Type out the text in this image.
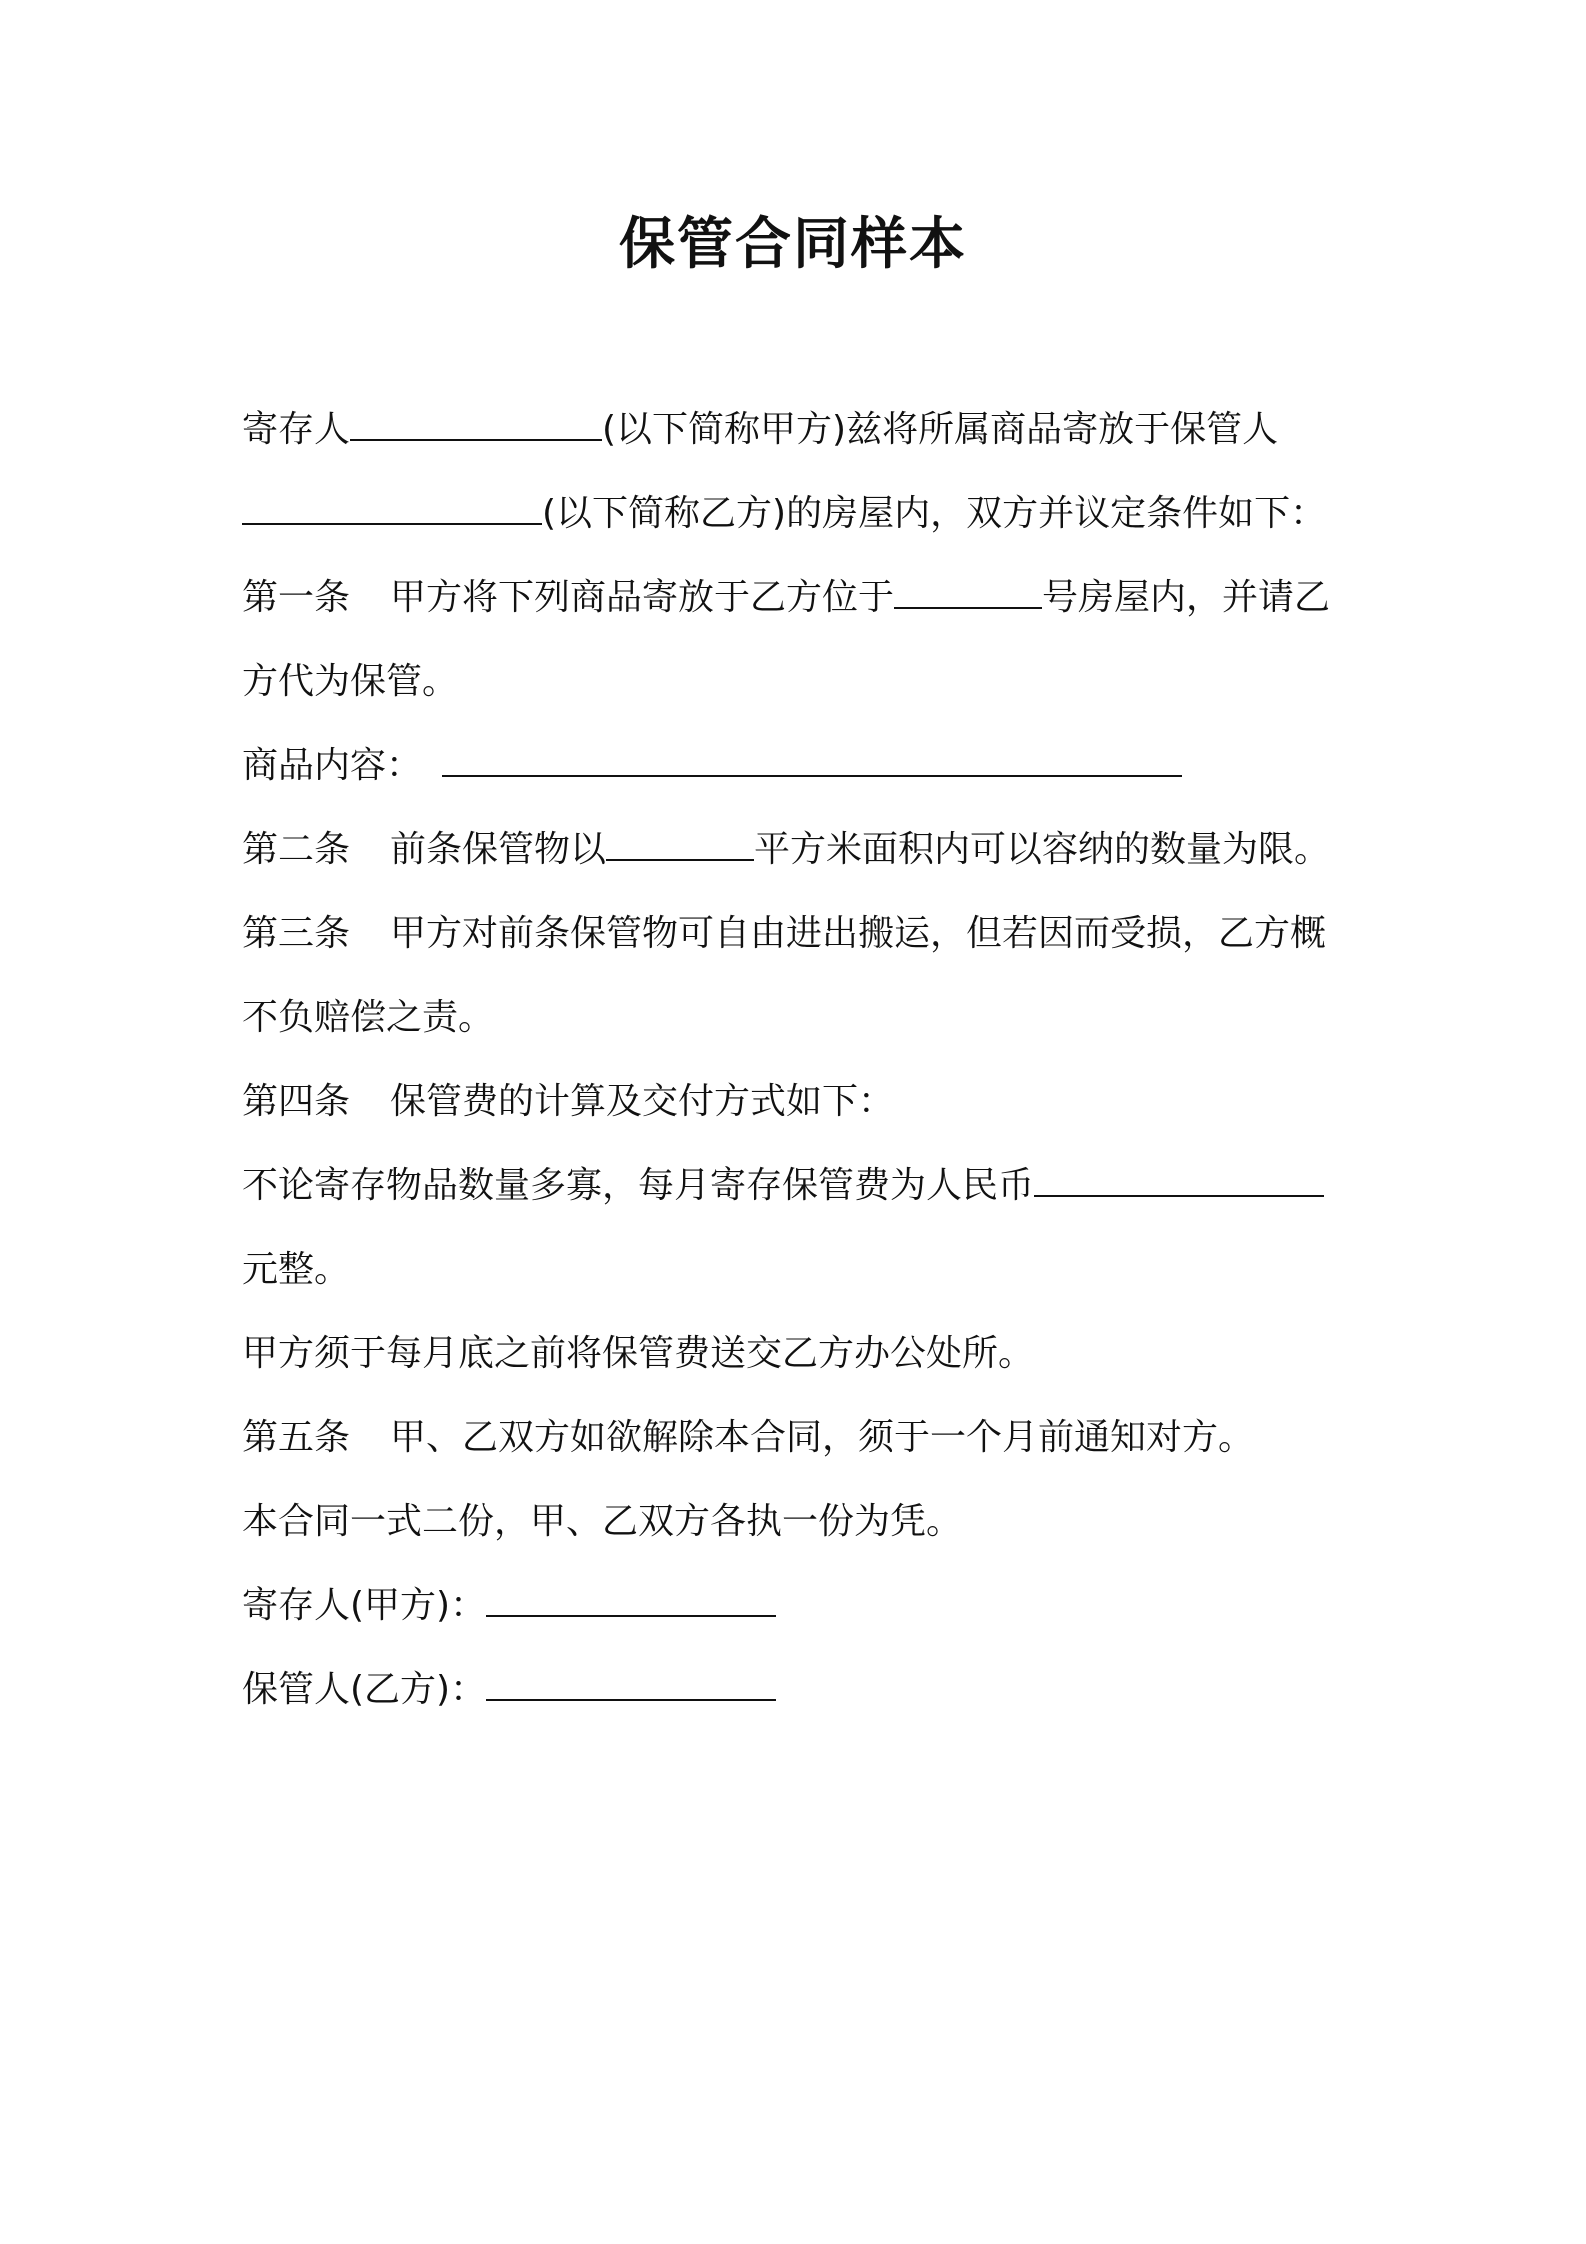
保管合同样本
寄存人	(以下简称甲方)兹将所属商品寄放于保管人
(以下简称乙方)的房屋内，双方并议定条件如下：
第一条 甲方将下列商品寄放于乙方位于	号房屋内，并请乙
方代为保管。
商品内容：
第二条 前条保管物以	平方米面积内可以容纳的数量为限。
第三条 甲方对前条保管物可自由进出搬运，但若因而受损，乙方概
不负赔偿之责。
第四条 保管费的计算及交付方式如下：
不论寄存物品数量多寡，每月寄存保管费为人民币
元整。
甲方须于每月底之前将保管费送交乙方办公处所。
第五条 甲、乙双方如欲解除本合同，须于一个月前通知对方。
本合同一式二份，甲、乙双方各执一份为凭。
寄存人(甲方)：
保管人(乙方)：
